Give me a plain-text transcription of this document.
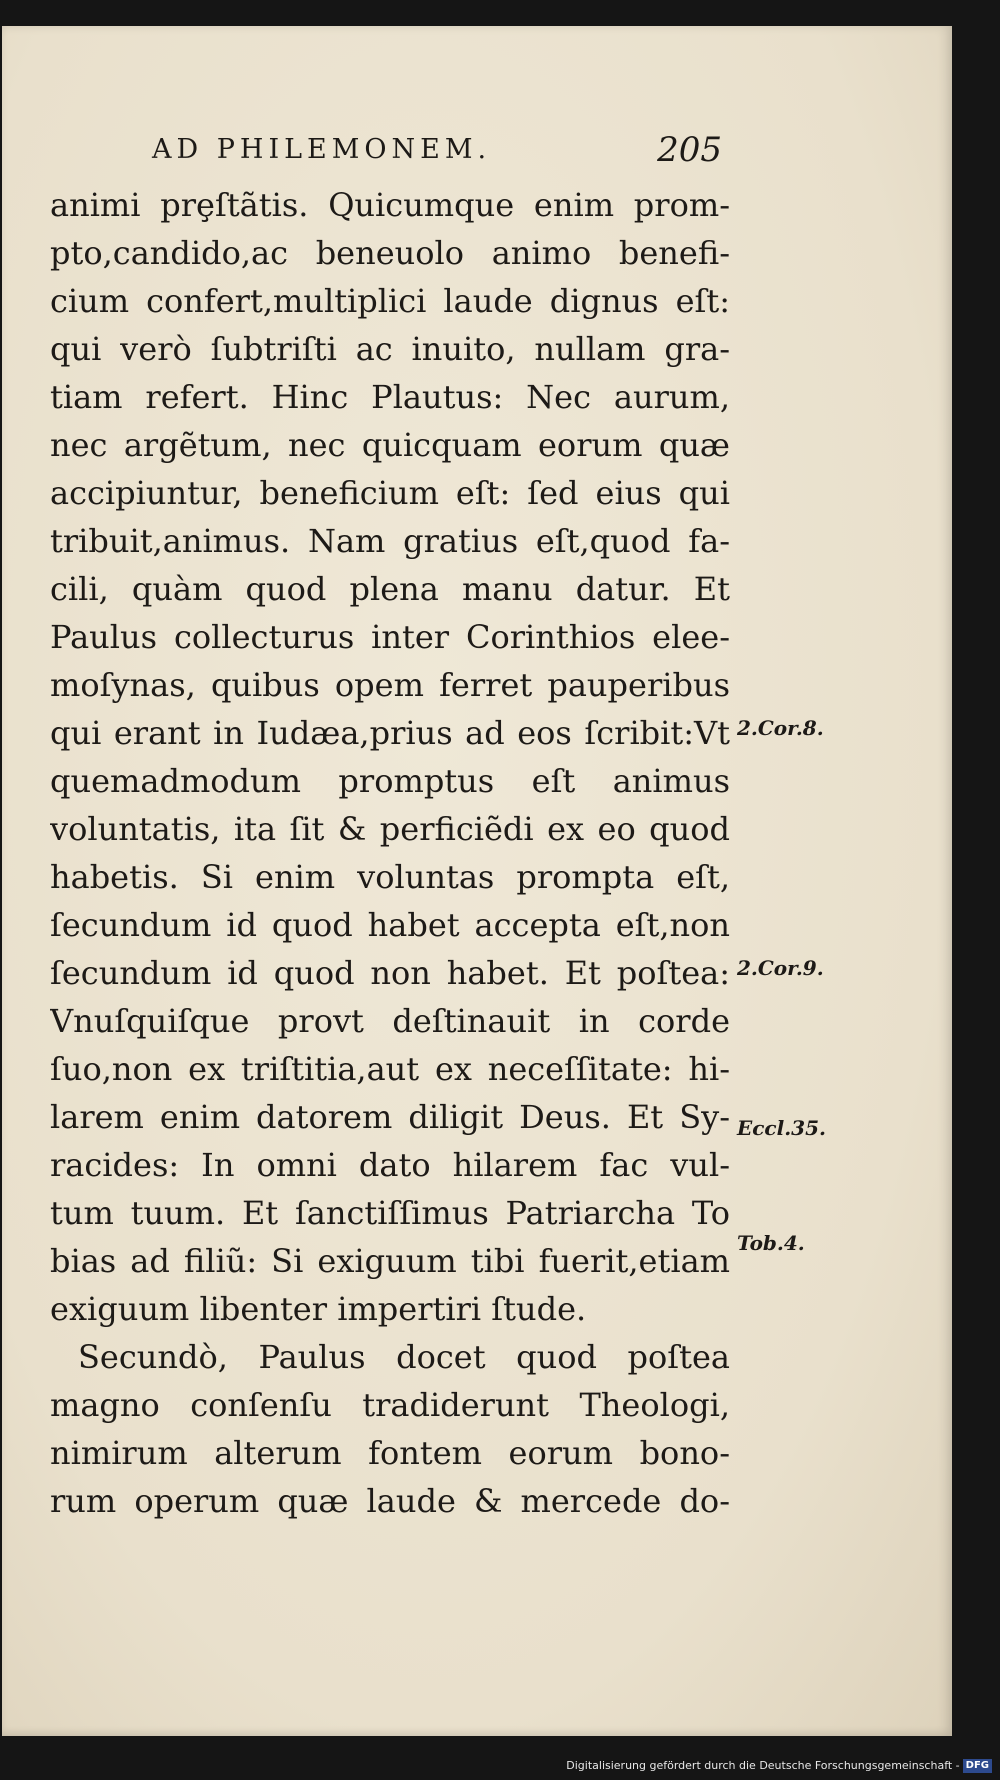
AD PHILEMONEM.	205
animi prȩſtãtis. Quicumque enim prom-
pto,candido,ac beneuolo animo benefi-
cium confert,multiplici laude dignus eſt:
qui verò ſubtriſti ac inuito, nullam gra-
tiam refert. Hinc Plautus: Nec aurum,
nec argẽtum, nec quicquam eorum quæ
accipiuntur, beneficium eſt: ſed eius qui
tribuit,animus. Nam gratius eſt,quod fa-
cili, quàm quod plena manu datur. Et
Paulus collecturus inter Corinthios elee-
moſynas, quibus opem ferret pauperibus
qui erant in Iudæa,prius ad eos ſcribit:Vt
quemadmodum promptus eſt animus
voluntatis, ita ſit & perficiẽdi ex eo quod
habetis. Si enim voluntas prompta eſt,
ſecundum id quod habet accepta eſt,non
ſecundum id quod non habet. Et poſtea:
Vnuſquiſque provt deſtinauit in corde
ſuo,non ex triſtitia,aut ex neceſſitate: hi-
larem enim datorem diligit Deus. Et Sy-
racides: In omni dato hilarem fac vul-
tum tuum. Et ſanctiſſimus Patriarcha To
bias ad filiũ: Si exiguum tibi fuerit,etiam
exiguum libenter impertiri ſtude.
Secundò, Paulus docet quod poſtea
magno conſenſu tradiderunt Theologi,
nimirum alterum fontem eorum bono-
rum operum quæ laude & mercede do-
2.Cor.8.
2.Cor.9.
Eccl.35.
Tob.4.
Digitalisierung gefördert durch die Deutsche Forschungsgemeinschaft - DFG
